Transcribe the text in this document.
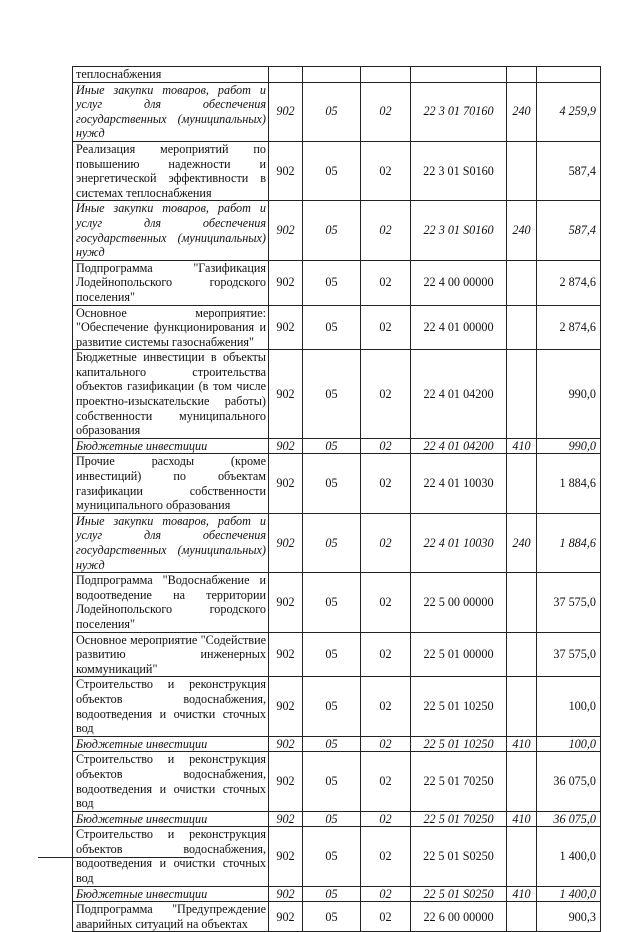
теплоснабжения						
Иные закупки товаров, работ и услуг для обеспечения государственных (муниципальных) нужд	902	05	02	22 3 01 70160	240	4 259,9
Реализация мероприятий по повышению надежности и энергетической эффективности в системах теплоснабжения	902	05	02	22 3 01 S0160		587,4
Иные закупки товаров, работ и услуг для обеспечения государственных (муниципальных) нужд	902	05	02	22 3 01 S0160	240	587,4
Подпрограмма "Газификация Лодейнопольского городского поселения"	902	05	02	22 4 00 00000		2 874,6
Основное мероприятие: "Обеспечение функционирования и развитие системы газоснабжения"	902	05	02	22 4 01 00000		2 874,6
Бюджетные инвестиции в объекты капитального строительства объектов газификации (в том числе проектно-изыскательские работы) собственности муниципального образования	902	05	02	22 4 01 04200		990,0
Бюджетные инвестиции	902	05	02	22 4 01 04200	410	990,0
Прочие расходы (кроме инвестиций) по объектам газификации собственности муниципального образования	902	05	02	22 4 01 10030		1 884,6
Иные закупки товаров, работ и услуг для обеспечения государственных (муниципальных) нужд	902	05	02	22 4 01 10030	240	1 884,6
Подпрограмма "Водоснабжение и водоотведение на территории Лодейнопольского городского поселения"	902	05	02	22 5 00 00000		37 575,0
Основное мероприятие "Содействие развитию инженерных коммуникаций"	902	05	02	22 5 01 00000		37 575,0
Строительство и реконструкция объектов водоснабжения, водоотведения и очистки сточных вод	902	05	02	22 5 01 10250		100,0
Бюджетные инвестиции	902	05	02	22 5 01 10250	410	100,0
Строительство и реконструкция объектов водоснабжения, водоотведения и очистки сточных вод	902	05	02	22 5 01 70250		36 075,0
Бюджетные инвестиции	902	05	02	22 5 01 70250	410	36 075,0
Строительство и реконструкция объектов водоснабжения, водоотведения и очистки сточных вод	902	05	02	22 5 01 S0250		1 400,0
Бюджетные инвестиции	902	05	02	22 5 01 S0250	410	1 400,0
Подпрограмма "Предупреждение аварийных ситуаций на объектах	902	05	02	22 6 00 00000		900,3
